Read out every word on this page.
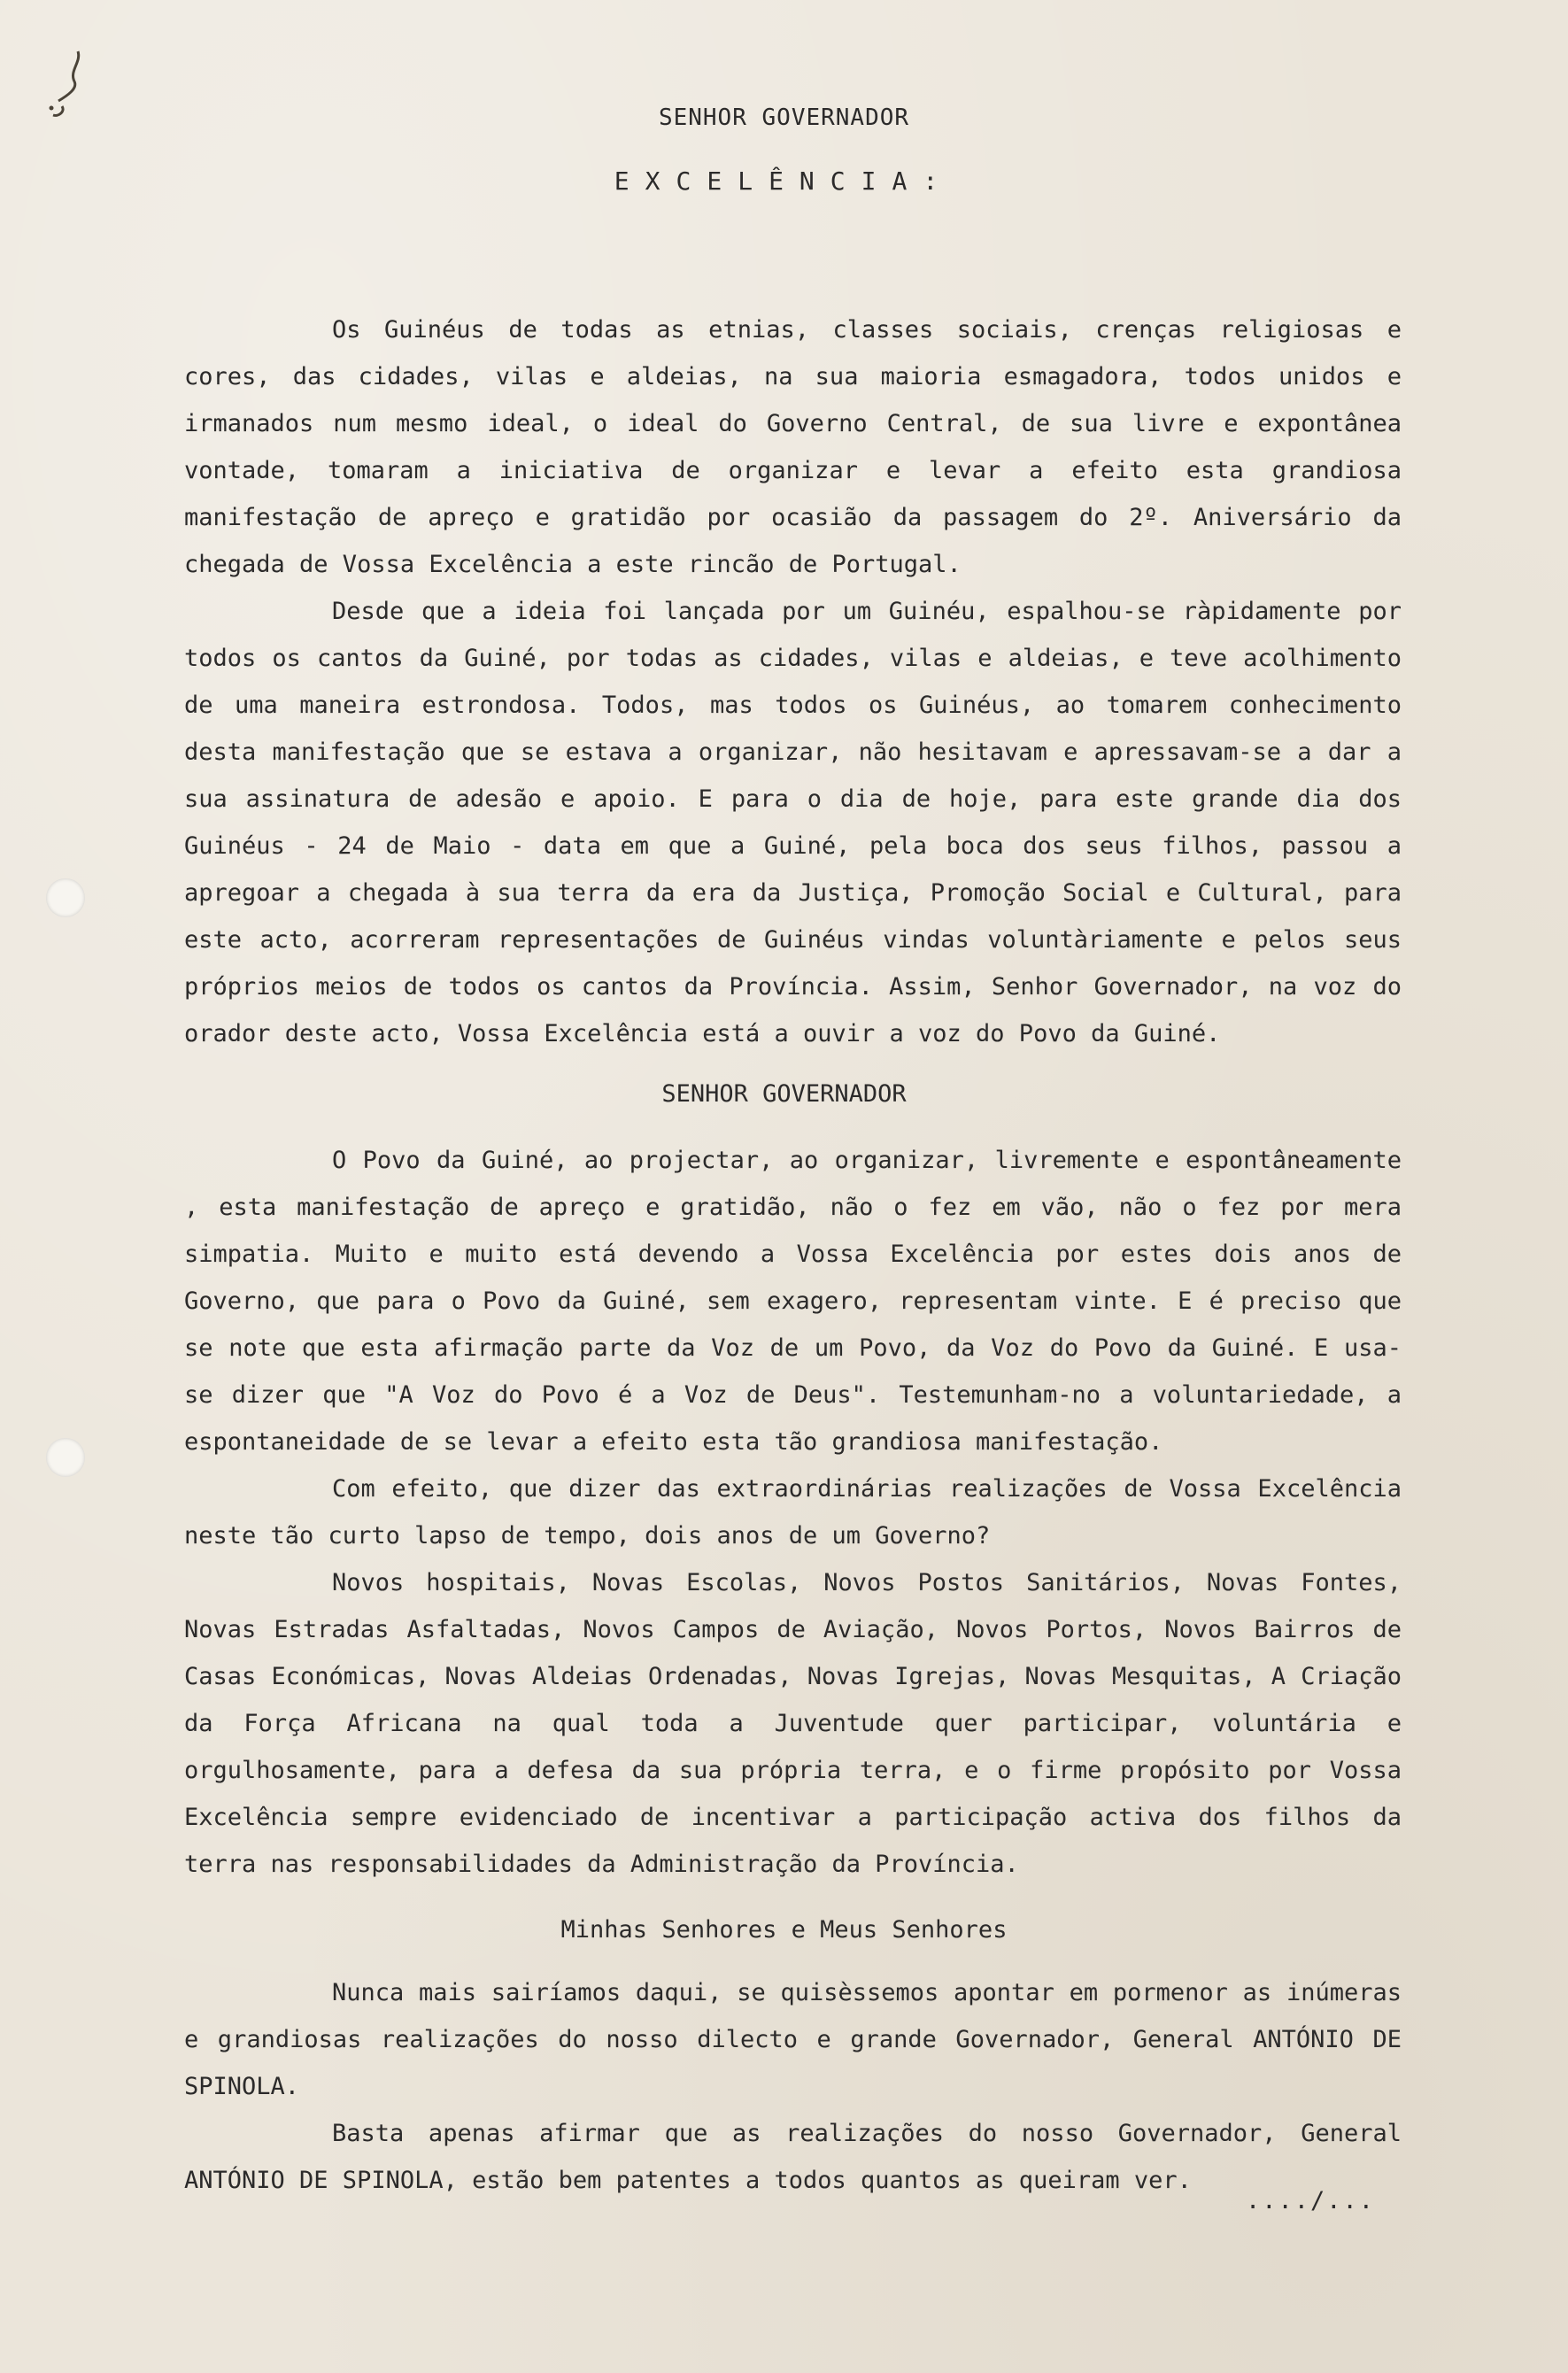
SENHOR GOVERNADOR
EXCELÊNCIA:

Os Guinéus de todas as etnias, classes sociais, crenças religiosas e cores, das cidades, vilas e aldeias, na sua maioria esmagadora, todos unidos e irmanados num mesmo ideal, o ideal do Governo Central, de sua livre e expontânea vontade, tomaram a iniciativa de organizar e levar a efeito esta grandiosa manifestação de apreço e gratidão por ocasião da passagem do 2º. Aniversário da chegada de Vossa Excelência a este rincão de Portugal.

Desde que a ideia foi lançada por um Guinéu, espalhou-se ràpidamente por todos os cantos da Guiné, por todas as cidades, vilas e aldeias, e teve acolhimento de uma maneira estrondosa. Todos, mas todos os Guinéus, ao tomarem conhecimento desta manifestação que se estava a organizar, não hesitavam e apressavam-se a dar a sua assinatura de adesão e apoio. E para o dia de hoje, para este grande dia dos Guinéus - 24 de Maio - data em que a Guiné, pela boca dos seus filhos, passou a apregoar a chegada à sua terra da era da Justiça, Promoção Social e Cultural, para este acto, acorreram representações de Guinéus vindas voluntàriamente e pelos seus próprios meios de todos os cantos da Província. Assim, Senhor Governador, na voz do orador deste acto, Vossa Excelência está a ouvir a voz do Povo da Guiné.

SENHOR GOVERNADOR

O Povo da Guiné, ao projectar, ao organizar, livremente e espontâneamente , esta manifestação de apreço e gratidão, não o fez em vão, não o fez por mera simpatia. Muito e muito está devendo a Vossa Excelência por estes dois anos de Governo, que para o Povo da Guiné, sem exagero, representam vinte. E é preciso que se note que esta afirmação parte da Voz de um Povo, da Voz do Povo da Guiné. E usa-se dizer que "A Voz do Povo é a Voz de Deus". Testemunham-no a voluntariedade, a espontaneidade de se levar a efeito esta tão grandiosa manifestação.

Com efeito, que dizer das extraordinárias realizações de Vossa Excelência neste tão curto lapso de tempo, dois anos de um Governo?

Novos hospitais, Novas Escolas, Novos Postos Sanitários, Novas Fontes, Novas Estradas Asfaltadas, Novos Campos de Aviação, Novos Portos, Novos Bairros de Casas Económicas, Novas Aldeias Ordenadas, Novas Igrejas, Novas Mesquitas, A Criação da Força Africana na qual toda a Juventude quer participar, voluntária e orgulhosamente, para a defesa da sua própria terra, e o firme propósito por Vossa Excelência sempre evidenciado de incentivar a participação activa dos filhos da terra nas responsabilidades da Administração da Província.

Minhas Senhores e Meus Senhores

Nunca mais sairíamos daqui, se quisèssemos apontar em pormenor as inúmeras e grandiosas realizações do nosso dilecto e grande Governador, General ANTÓNIO DE SPINOLA.

Basta apenas afirmar que as realizações do nosso Governador, General ANTÓNIO DE SPINOLA, estão bem patentes a todos quantos as queiram ver.

..../...
